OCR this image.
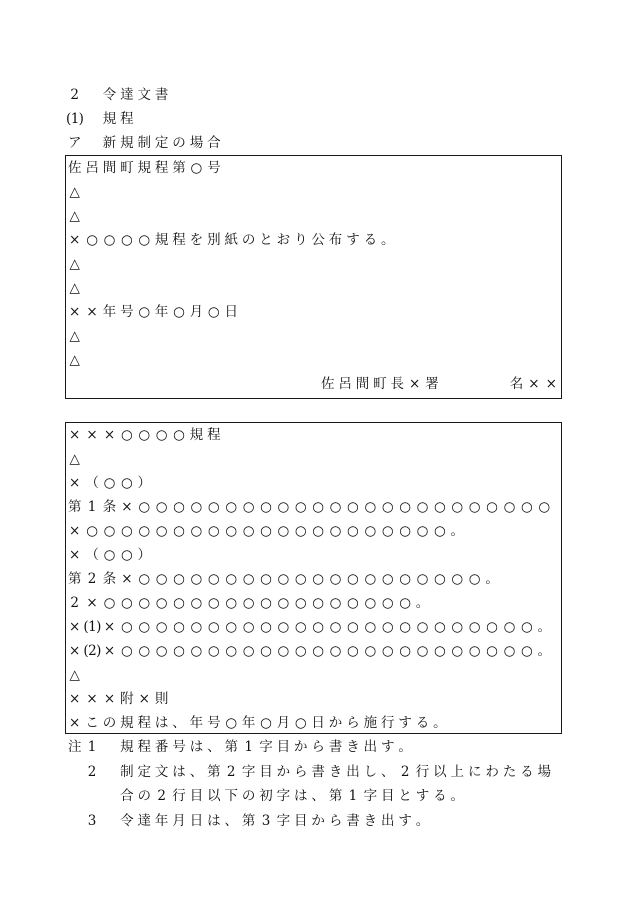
2	令 達 文 書
(1) 規 程
ア 新 規 制 定 の 場 合
佐 呂 間 町 規 程 第 ○ 号
△
△
× ○ ○ ○ ○ 規 程 を 別 紙 の と お り 公 布 す る 。
△
△
× × 年 号 ○ 年 ○ 月 ○ 日
△
△
佐 呂 間 町 長 × 署	名 × ×
× × × ○ ○ ○ ○ 規 程
△
× （ ○ ○ ）
第 1 条 × ○ ○ ○ ○ ○ ○ ○ ○ ○ ○ ○ ○ ○ ○ ○ ○ ○ ○ ○ ○ ○ ○ ○ ○
× ○ ○ ○ ○ ○ ○ ○ ○ ○ ○ ○ ○ ○ ○ ○ ○ ○ ○ ○ ○ ○ 。
× （ ○ ○ ）
第 2 条 × ○ ○ ○ ○ ○ ○ ○ ○ ○ ○ ○ ○ ○ ○ ○ ○ ○ ○ ○ ○ 。
2 × ○ ○ ○ ○ ○ ○ ○ ○ ○ ○ ○ ○ ○ ○ ○ ○ ○ ○ 。
× (1) × ○ ○ ○ ○ ○ ○ ○ ○ ○ ○ ○ ○ ○ ○ ○ ○ ○ ○ ○ ○ ○ ○ ○ ○ 。
× (2) × ○ ○ ○ ○ ○ ○ ○ ○ ○ ○ ○ ○ ○ ○ ○ ○ ○ ○ ○ ○ ○ ○ ○ ○ 。
△
× × × 附 × 則
× こ の 規 程 は 、 年 号 ○ 年 ○ 月 ○ 日 か ら 施 行 す る 。
注 1	規 程 番 号 は 、 第 1 字 目 か ら 書 き 出 す 。
2	制 定 文 は 、 第 2 字 目 か ら 書 き 出 し 、 2 行 以 上 に わ た る 場
合 の 2 行 目 以 下 の 初 字 は 、 第 1 字 目 と す る 。
3	令 達 年 月 日 は 、 第 3 字 目 か ら 書 き 出 す 。
